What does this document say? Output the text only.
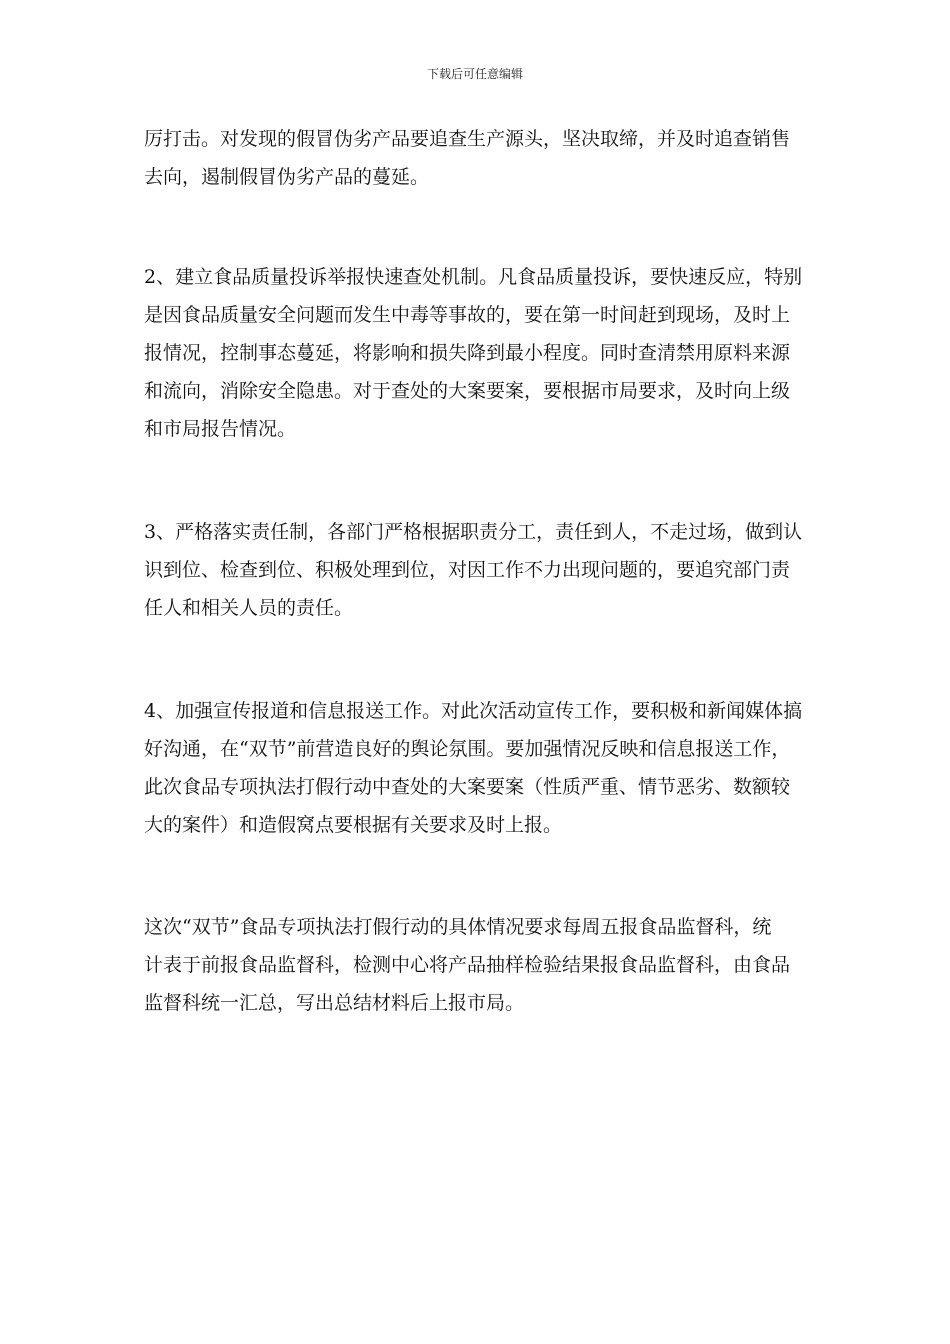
下载后可任意编辑

厉打击。对发现的假冒伪劣产品要追查生产源头，坚决取缔，并及时追查销售
去向，遏制假冒伪劣产品的蔓延。

2、建立食品质量投诉举报快速查处机制。凡食品质量投诉，要快速反应，特别
是因食品质量安全问题而发生中毒等事故的，要在第一时间赶到现场，及时上
报情况，控制事态蔓延，将影响和损失降到最小程度。同时查清禁用原料来源
和流向，消除安全隐患。对于查处的大案要案，要根据市局要求，及时向上级
和市局报告情况。

3、严格落实责任制，各部门严格根据职责分工，责任到人，不走过场，做到认
识到位、检查到位、积极处理到位，对因工作不力出现问题的，要追究部门责
任人和相关人员的责任。

4、加强宣传报道和信息报送工作。对此次活动宣传工作，要积极和新闻媒体搞
好沟通，在“双节”前营造良好的舆论氛围。要加强情况反映和信息报送工作，
此次食品专项执法打假行动中查处的大案要案（性质严重、情节恶劣、数额较
大的案件）和造假窝点要根据有关要求及时上报。

这次“双节”食品专项执法打假行动的具体情况要求每周五报食品监督科，统
计表于前报食品监督科，检测中心将产品抽样检验结果报食品监督科，由食品
监督科统一汇总，写出总结材料后上报市局。
